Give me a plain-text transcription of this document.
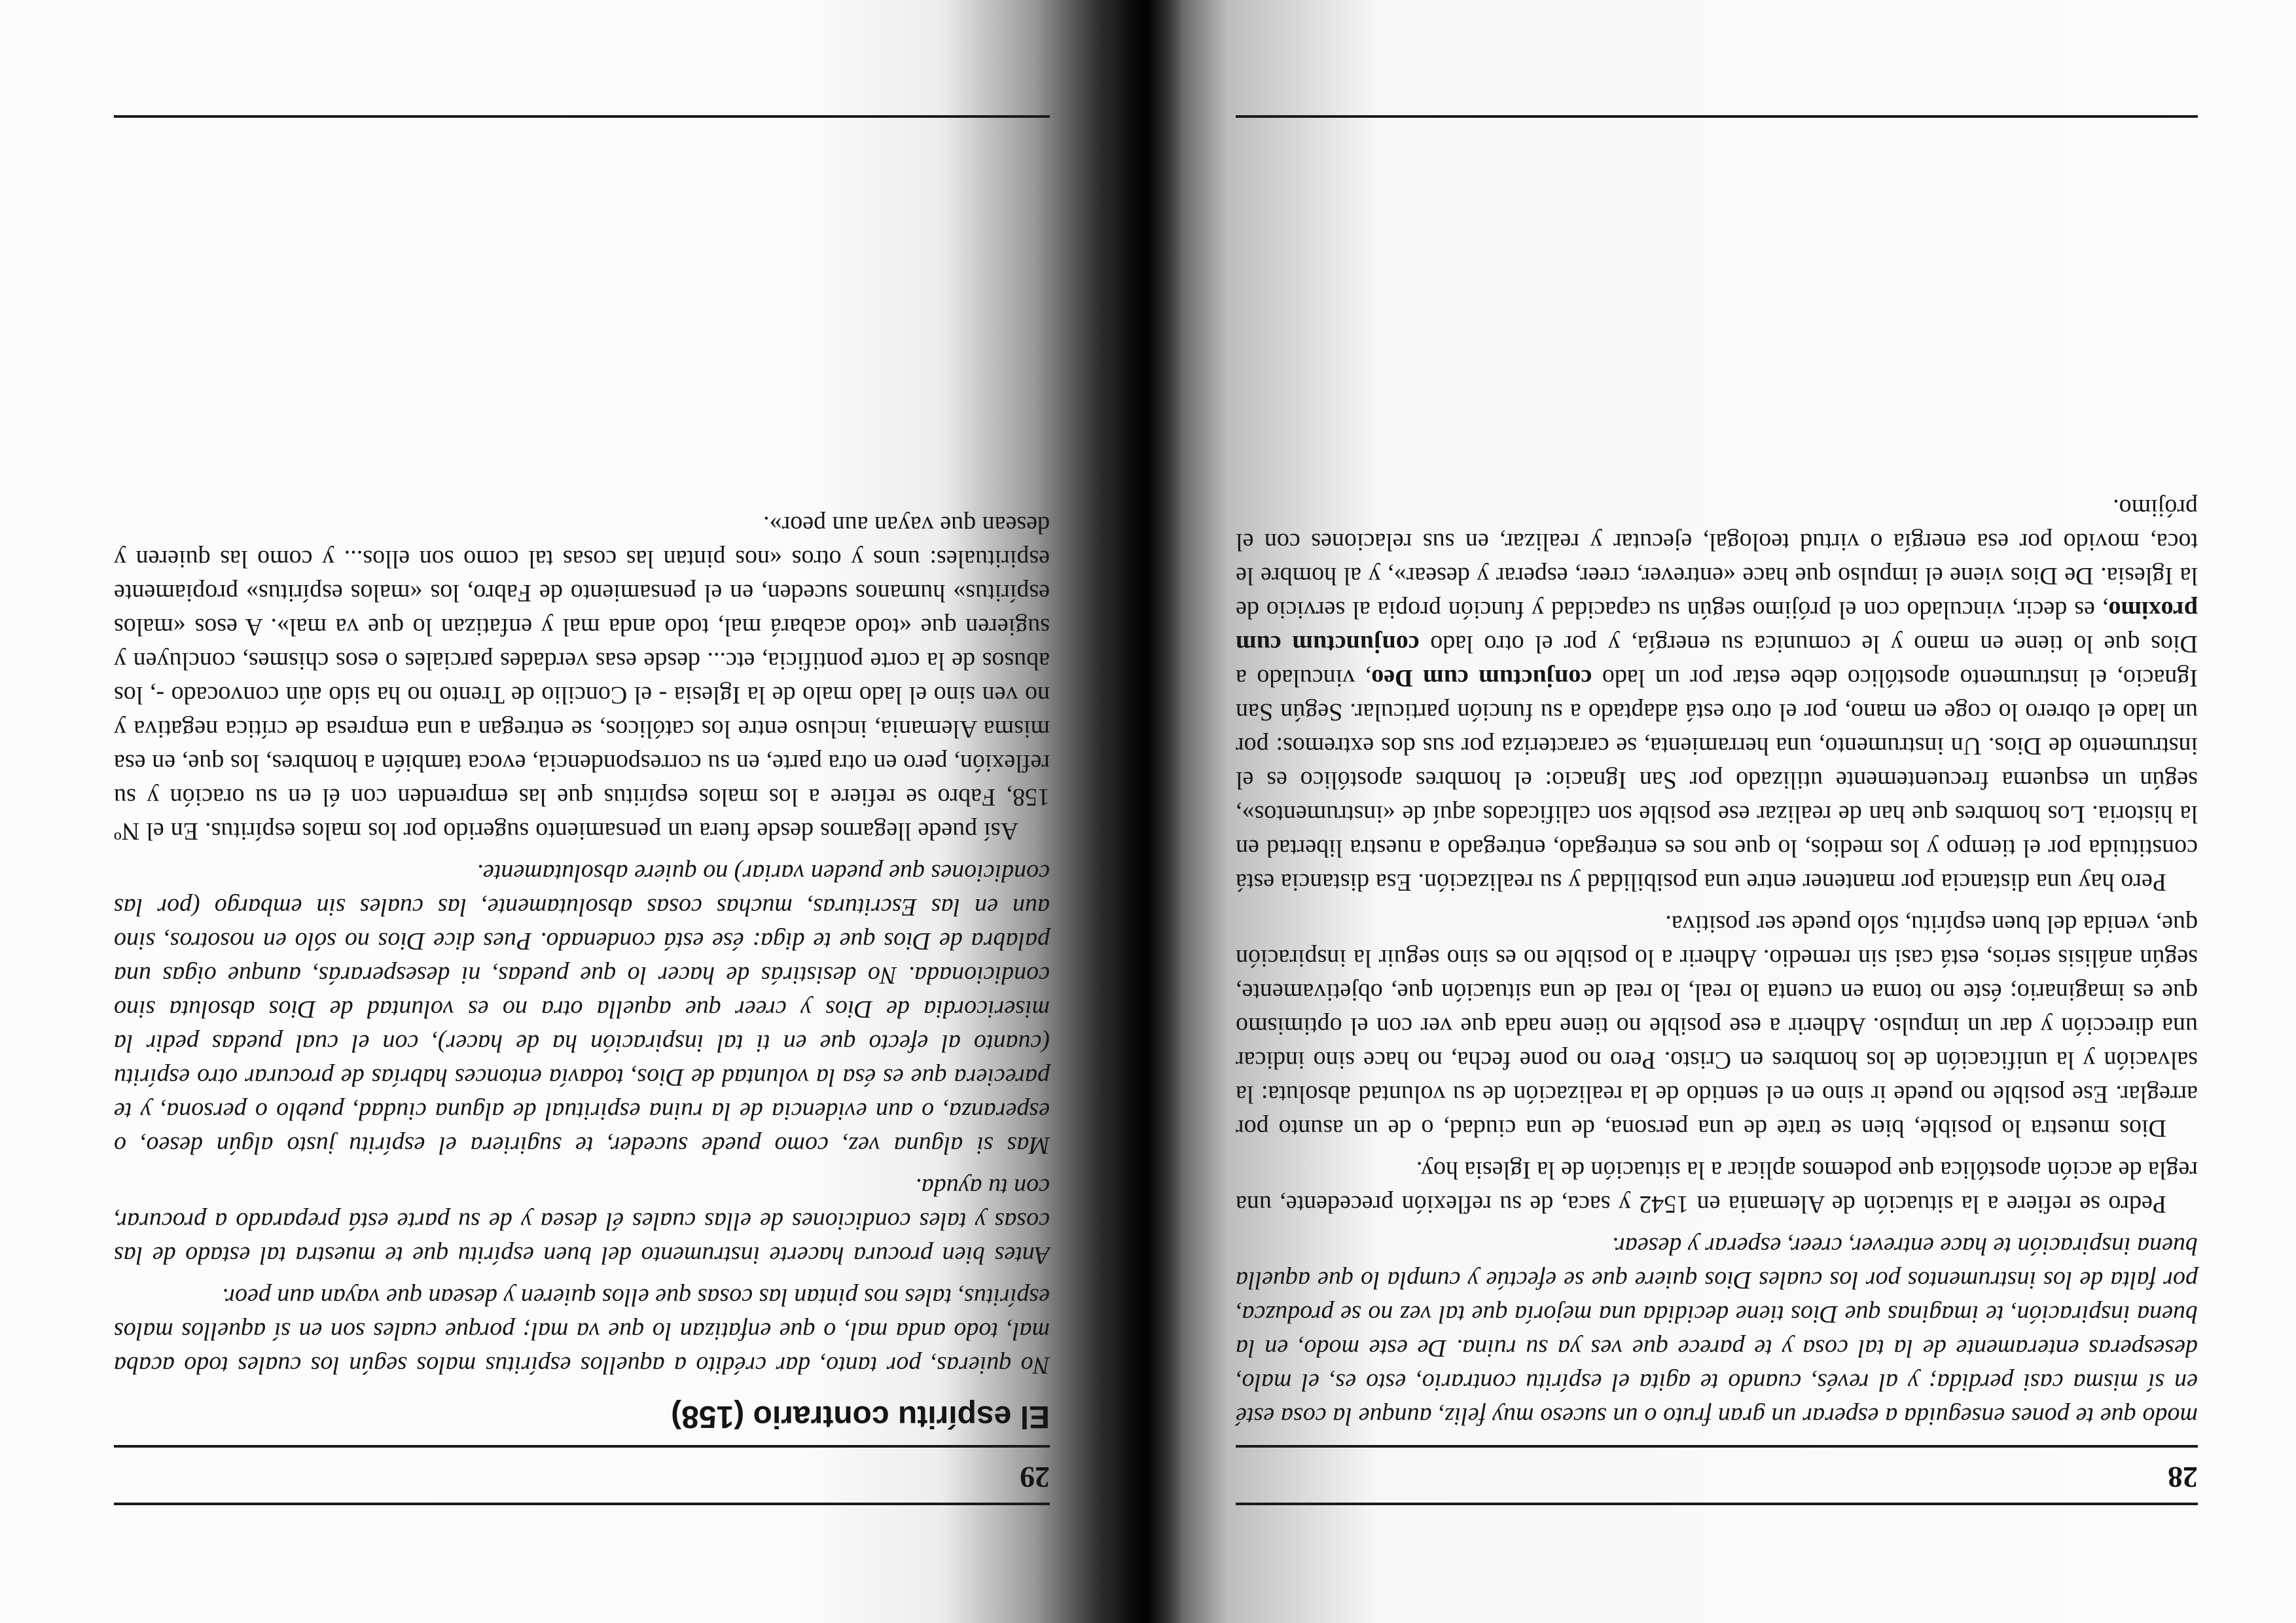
28

modo que te pones enseguida a esperar un gran fruto o un suceso muy feliz, aunque la cosa esté en sí misma casi perdida; y al revés, cuando te agita el espíritu contrario, esto es, el malo, desesperas enteramente de la tal cosa y te parece que ves ya su ruina. De este modo, en la buena inspiración, te imaginas que Dios tiene decidida una mejoría que tal vez no se produzca, por falta de los instrumentos por los cuales Dios quiere que se efectúe y cumpla lo que aquella buena inspiración te hace entrever, creer, esperar y desear.

Pedro se refiere a la situación de Alemania en 1542 y saca, de su reflexión precedente, una regla de acción apostólica que podemos aplicar a la situación de la Iglesia hoy.

Dios muestra lo posible, bien se trate de una persona, de una ciudad, o de un asunto por arreglar. Ese posible no puede ir sino en el sentido de la realización de su voluntad absoluta: la salvación y la unificación de los hombres en Cristo. Pero no pone fecha, no hace sino indicar una dirección y dar un impulso. Adherir a ese posible no tiene nada que ver con el optimismo que es imaginario; éste no toma en cuenta lo real, lo real de una situación que, objetivamente, según análisis serios, está casi sin remedio. Adherir a lo posible no es sino seguir la inspiración que, venida del buen espíritu, sólo puede ser positiva.

Pero hay una distancia por mantener entre una posibilidad y su realización. Esa distancia está constituida por el tiempo y los medios, lo que nos es entregado, entregado a nuestra libertad en la historia. Los hombres que han de realizar ese posible son calificados aquí de «instrumentos», según un esquema frecuentemente utilizado por San Ignacio: el hombres apostólico es el instrumento de Dios. Un instrumento, una herramienta, se caracteriza por sus dos extremos: por un lado el obrero lo coge en mano, por el otro está adaptado a su función particular. Según San Ignacio, el instrumento apostólico debe estar por un lado conjuctum cum Deo, vinculado a Dios que lo tiene en mano y le comunica su energía, y por el otro lado conjunctum cum proximo, es decir, vinculado con el prójimo según su capacidad y función propia al servicio de la Iglesia. De Dios viene el impulso que hace «entrever, creer, esperar y desear», y al hombre le toca, movido por esa energía o virtud teologal, ejecutar y realizar, en sus relaciones con el prójimo.

29
El espíritu contrario (158)

No quieras, por tanto, dar crédito a aquellos espíritus malos según los cuales todo acaba mal, todo anda mal, o que enfatizan lo que va mal; porque cuales son en sí aquellos malos espíritus, tales nos pintan las cosas que ellos quieren y desean que vayan aun peor.

Antes bien procura hacerte instrumento del buen espíritu que te muestra tal estado de las cosas y tales condiciones de ellas cuales él desea y de su parte está preparado a procurar, con tu ayuda.

Mas si alguna vez, como puede suceder, te sugiriera el espíritu justo algún deseo, o esperanza, o aun evidencia de la ruina espiritual de alguna ciudad, pueblo o persona, y te pareciera que es ésa la voluntad de Dios, todavía entonces habrías de procurar otro espíritu (cuanto al efecto que en ti tal inspiración ha de hacer), con el cual puedas pedir la misericordia de Dios y creer que aquella otra no es voluntad de Dios absoluta sino condicionada. No desistirás de hacer lo que puedas, ni desesperarás, aunque oigas una palabra de Dios que te diga: ése está condenado. Pues dice Dios no sólo en nosotros, sino aun en las Escrituras, muchas cosas absolutamente, las cuales sin embargo (por las condiciones que pueden variar) no quiere absolutamente.

Así puede llegarnos desde fuera un pensamiento sugerido por los malos espíritus. En el Nº 158, Fabro se refiere a los malos espíritus que las emprenden con él en su oración y su reflexión, pero en otra parte, en su correspondencia, evoca también a hombres, los que, en esa misma Alemania, incluso entre los católicos, se entregan a una empresa de crítica negativa y no ven sino el lado malo de la Iglesia - el Concilio de Trento no ha sido aún convocado -, los abusos de la corte pontificia, etc... desde esas verdades parciales o esos chismes, concluyen y sugieren que «todo acabará mal, todo anda mal y enfatizan lo que va mal». A esos «malos espíritus» humanos suceden, en el pensamiento de Fabro, los «malos espíritus» propiamente espirituales: unos y otros «nos pintan las cosas tal como son ellos... y como las quieren y desean que vayan aun peor».
